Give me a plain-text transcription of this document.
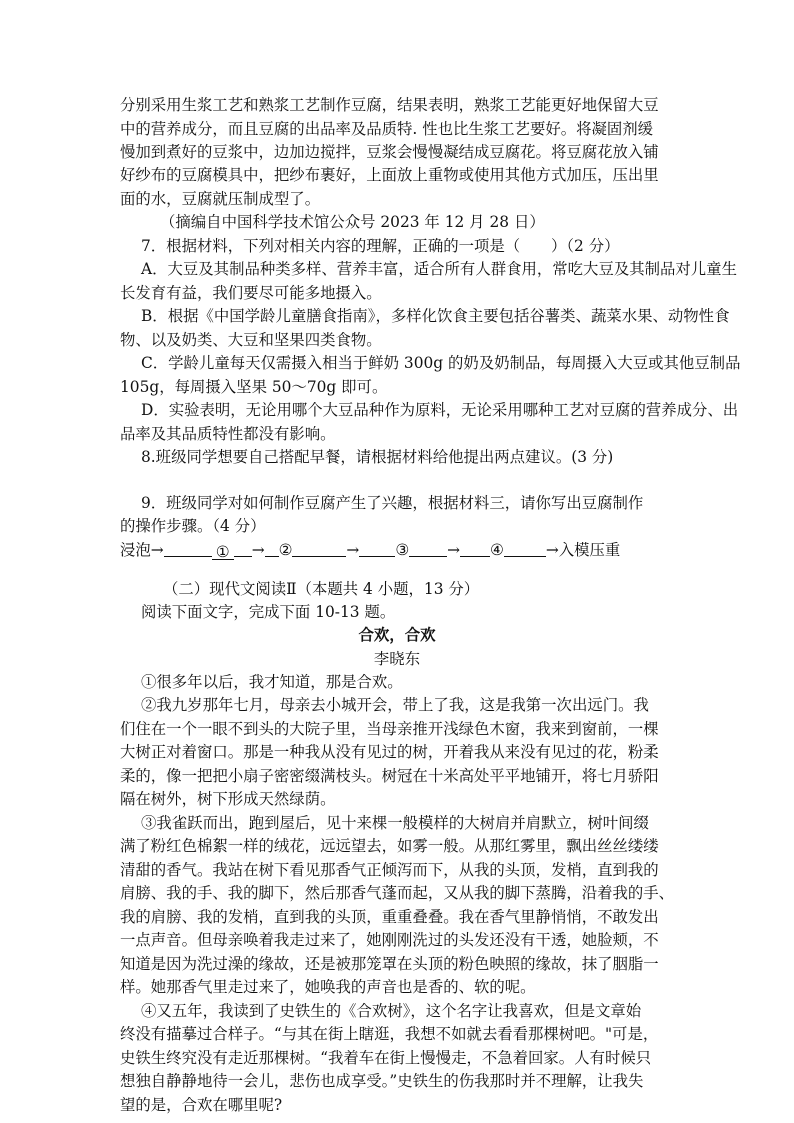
分别采用生浆工艺和熟浆工艺制作豆腐，结果表明，熟浆工艺能更好地保留大豆
中的营养成分，而且豆腐的出品率及品质特. 性也比生浆工艺要好。将凝固剂缓
慢加到煮好的豆浆中，边加边搅拌，豆浆会慢慢凝结成豆腐花。将豆腐花放入铺
好纱布的豆腐模具中，把纱布裹好，上面放上重物或使用其他方式加压，压出里
面的水，豆腐就压制成型了。
（摘编自中国科学技术馆公众号 2023 年 12 月 28 日）
7．根据材料，下列对相关内容的理解，正确的一项是（　　）（2 分）
A．大豆及其制品种类多样、营养丰富，适合所有人群食用，常吃大豆及其制品对儿童生
长发育有益，我们要尽可能多地摄入。
B．根据《中国学龄儿童膳食指南》，多样化饮食主要包括谷薯类、蔬菜水果、动物性食
物、以及奶类、大豆和坚果四类食物。
C．学龄儿童每天仅需摄入相当于鲜奶 300g 的奶及奶制品，每周摄入大豆或其他豆制品
105g，每周摄入坚果 50～70g 即可。
D．实验表明，无论用哪个大豆品种作为原料，无论采用哪种工艺对豆腐的营养成分、出
品率及其品质特性都没有影响。
8.班级同学想要自己搭配早餐，请根据材料给他提出两点建议。(3 分)
9．班级同学对如何制作豆腐产生了兴趣，根据材料三，请你写出豆腐制作
的操作步骤。（4 分）
浸泡→	① → ②	→ ③ → ④	→入模压重
（二）现代文阅读Ⅱ（本题共 4 小题，13 分）
阅读下面文字，完成下面 10-13 题。
合欢，合欢
李晓东
①很多年以后，我才知道，那是合欢。
②我九岁那年七月，母亲去小城开会，带上了我，这是我第一次出远门。我
们住在一个一眼不到头的大院子里，当母亲推开浅绿色木窗，我来到窗前，一棵
大树正对着窗口。那是一种我从没有见过的树，开着我从来没有见过的花，粉柔
柔的，像一把把小扇子密密缀满枝头。树冠在十米高处平平地铺开，将七月骄阳
隔在树外，树下形成天然绿荫。
③我雀跃而出，跑到屋后，见十来棵一般模样的大树肩并肩默立，树叶间缀
满了粉红色棉絮一样的绒花，远远望去，如雾一般。从那红雾里，飘出丝丝缕缕
清甜的香气。我站在树下看见那香气正倾泻而下，从我的头顶，发梢，直到我的
肩膀、我的手、我的脚下，然后那香气蓬而起，又从我的脚下蒸腾，沿着我的手、
我的肩膀、我的发梢，直到我的头顶，重重叠叠。我在香气里静悄悄，不敢发出
一点声音。但母亲唤着我走过来了，她刚刚洗过的头发还没有干透，她脸颊，不
知道是因为洗过澡的缘故，还是被那笼罩在头顶的粉色映照的缘故，抹了胭脂一
样。她那香气里走过来了，她唤我的声音也是香的、软的呢。
④又五年，我读到了史铁生的《合欢树》，这个名字让我喜欢，但是文章始
终没有描摹过合样子。“与其在街上瞎逛，我想不如就去看看那棵树吧。"可是，
史铁生终究没有走近那棵树。“我着车在街上慢慢走，不急着回家。人有时候只
想独自静静地待一会儿，悲伤也成享受。”史铁生的伤我那时并不理解，让我失
望的是，合欢在哪里呢?
